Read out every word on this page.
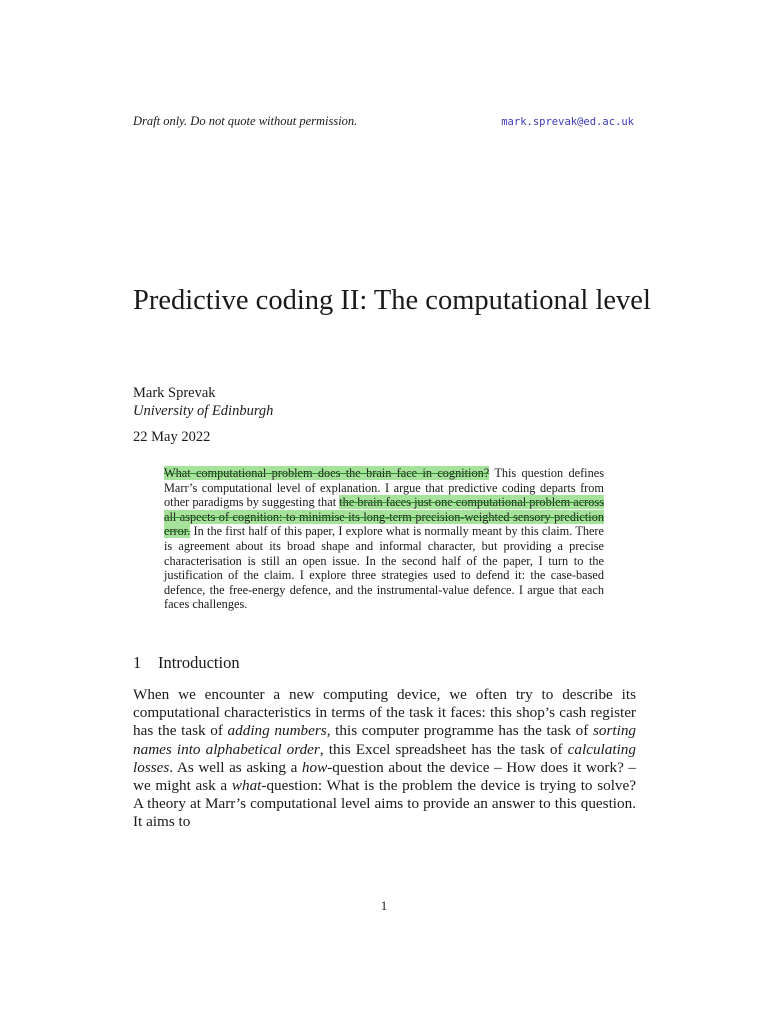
Draft only. Do not quote without permission.	mark.sprevak@ed.ac.uk
Predictive coding II: The computational level
Mark Sprevak
University of Edinburgh
22 May 2022

What computational problem does the brain face in cognition? This question defines Marr’s computational level of explanation. I argue that predictive coding departs from other paradigms by suggesting that the brain faces just one computational problem across all aspects of cognition: to minimise its long-term precision-weighted sensory prediction error. In the first half of this paper, I explore what is normally meant by this claim. There is agreement about its broad shape and informal character, but providing a precise characterisation is still an open issue. In the second half of the paper, I turn to the justification of the claim. I explore three strategies used to defend it: the case-based defence, the free-energy defence, and the instrumental-value defence. I argue that each faces challenges.

1 Introduction

When we encounter a new computing device, we often try to describe its computational characteristics in terms of the task it faces: this shop’s cash register has the task of adding numbers, this computer programme has the task of sorting names into alphabetical order, this Excel spreadsheet has the task of calculating losses. As well as asking a how-question about the device – How does it work? – we might ask a what-question: What is the problem the device is trying to solve? A theory at Marr’s computational level aims to provide an answer to this question. It aims to

1
